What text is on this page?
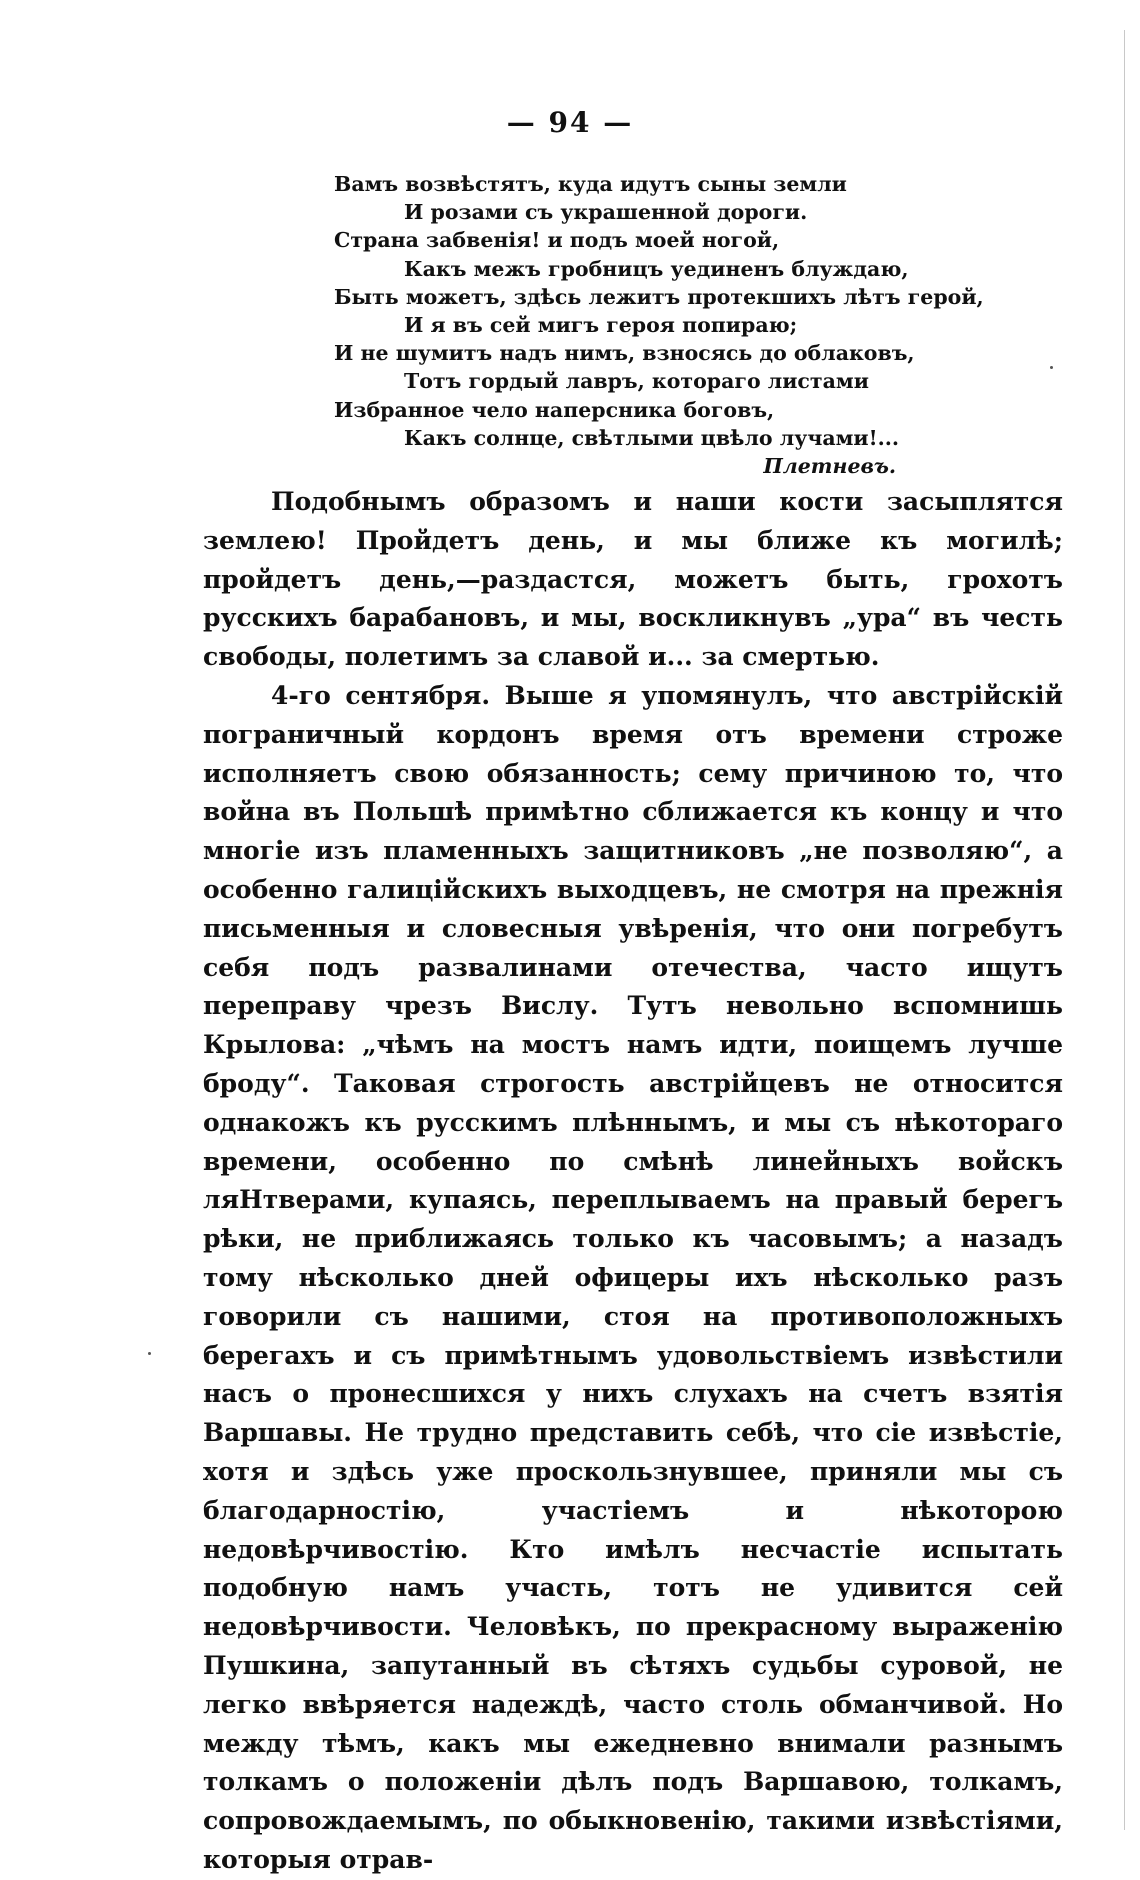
— 94 —
Вамъ возвѣстятъ, куда идутъ сыны земли
И розами съ украшенной дороги.
Страна забвенія! и подъ моей ногой,
Какъ межъ гробницъ уединенъ блуждаю,
Быть можетъ, здѣсь лежитъ протекшихъ лѣтъ герой,
И я въ сей мигъ героя попираю;
И не шумитъ надъ нимъ, взносясь до облаковъ,
Тотъ гордый лавръ, котораго листами
Избранное чело наперсника боговъ,
Какъ солнце, свѣтлыми цвѣло лучами!...
Плетневъ.

Подобнымъ образомъ и наши кости засыплятся землею! Пройдетъ день, и мы ближе къ могилѣ; пройдетъ день,—раздастся, можетъ быть, грохотъ русскихъ барабановъ, и мы, воскликнувъ „ура“ въ честь свободы, полетимъ за славой и... за смертью.

4-го сентября. Выше я упомянулъ, что австрійскій пограничный кордонъ время отъ времени строже исполняетъ свою обязанность; сему причиною то, что война въ Польшѣ примѣтно сближается къ концу и что многіе изъ пламенныхъ защитниковъ „не позволяю“, а особенно галицiйскихъ выходцевъ, не смотря на прежнія письменныя и словесныя увѣренія, что они погребутъ себя подъ развалинами отечества, часто ищутъ переправу чрезъ Вислу. Тутъ невольно вспомнишь Крылова: „чѣмъ на мостъ намъ идти, поищемъ лучше броду“. Таковая строгость австрiйцевъ не относится однакожъ къ русскимъ плѣннымъ, и мы съ нѣкотораго времени, особенно по смѣнѣ линейныхъ войскъ ляHтверами, купаясь, переплываемъ на правый берегъ рѣки, не приближаясь только къ часовымъ; а назадъ тому нѣсколько дней офицеры ихъ нѣсколько разъ говорили съ нашими, стоя на противоположныхъ берегахъ и съ примѣтнымъ удовольствіемъ извѣстили насъ о пронесшихся у нихъ слухахъ на счетъ взятія Варшавы. Не трудно представить себѣ, что сіе извѣстіе, хотя и здѣсь уже проскользнувшее, приняли мы съ благодарностію, участіемъ и нѣкоторою недовѣрчивостію. Кто имѣлъ несчастіе испытать подобную намъ участь, тотъ не удивится сей недовѣрчивости. Человѣкъ, по прекрасному выраженію Пушкина, запутанный въ сѣтяхъ судьбы суровой, не легко ввѣряется надеждѣ, часто столь обманчивой. Но между тѣмъ, какъ мы ежедневно внимали разнымъ толкамъ о положеніи дѣлъ подъ Варшавою, толкамъ, сопровождаемымъ, по обыкновенію, такими извѣстіями, которыя отрав-
